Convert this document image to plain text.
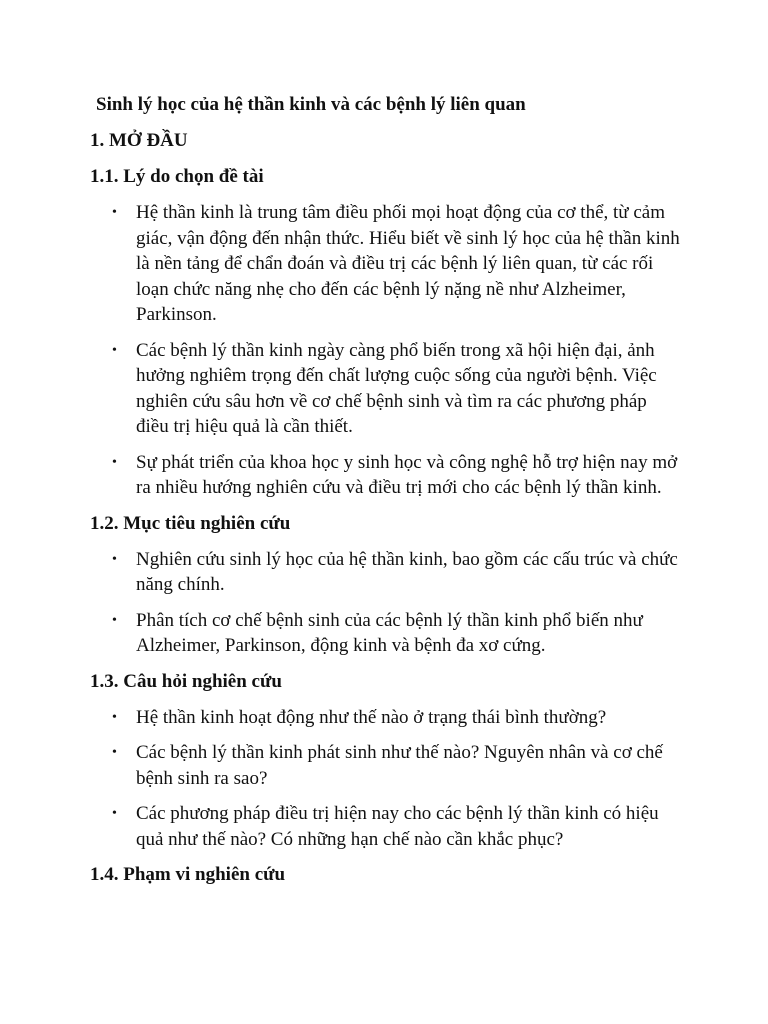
Sinh lý học của hệ thần kinh và các bệnh lý liên quan
1. MỞ ĐẦU
1.1. Lý do chọn đề tài
• Hệ thần kinh là trung tâm điều phối mọi hoạt động của cơ thể, từ cảm giác, vận động đến nhận thức. Hiểu biết về sinh lý học của hệ thần kinh là nền tảng để chẩn đoán và điều trị các bệnh lý liên quan, từ các rối loạn chức năng nhẹ cho đến các bệnh lý nặng nề như Alzheimer, Parkinson.
• Các bệnh lý thần kinh ngày càng phổ biến trong xã hội hiện đại, ảnh hưởng nghiêm trọng đến chất lượng cuộc sống của người bệnh. Việc nghiên cứu sâu hơn về cơ chế bệnh sinh và tìm ra các phương pháp điều trị hiệu quả là cần thiết.
• Sự phát triển của khoa học y sinh học và công nghệ hỗ trợ hiện nay mở ra nhiều hướng nghiên cứu và điều trị mới cho các bệnh lý thần kinh.
1.2. Mục tiêu nghiên cứu
• Nghiên cứu sinh lý học của hệ thần kinh, bao gồm các cấu trúc và chức năng chính.
• Phân tích cơ chế bệnh sinh của các bệnh lý thần kinh phổ biến như Alzheimer, Parkinson, động kinh và bệnh đa xơ cứng.
1.3. Câu hỏi nghiên cứu
• Hệ thần kinh hoạt động như thế nào ở trạng thái bình thường?
• Các bệnh lý thần kinh phát sinh như thế nào? Nguyên nhân và cơ chế bệnh sinh ra sao?
• Các phương pháp điều trị hiện nay cho các bệnh lý thần kinh có hiệu quả như thế nào? Có những hạn chế nào cần khắc phục?
1.4. Phạm vi nghiên cứu
